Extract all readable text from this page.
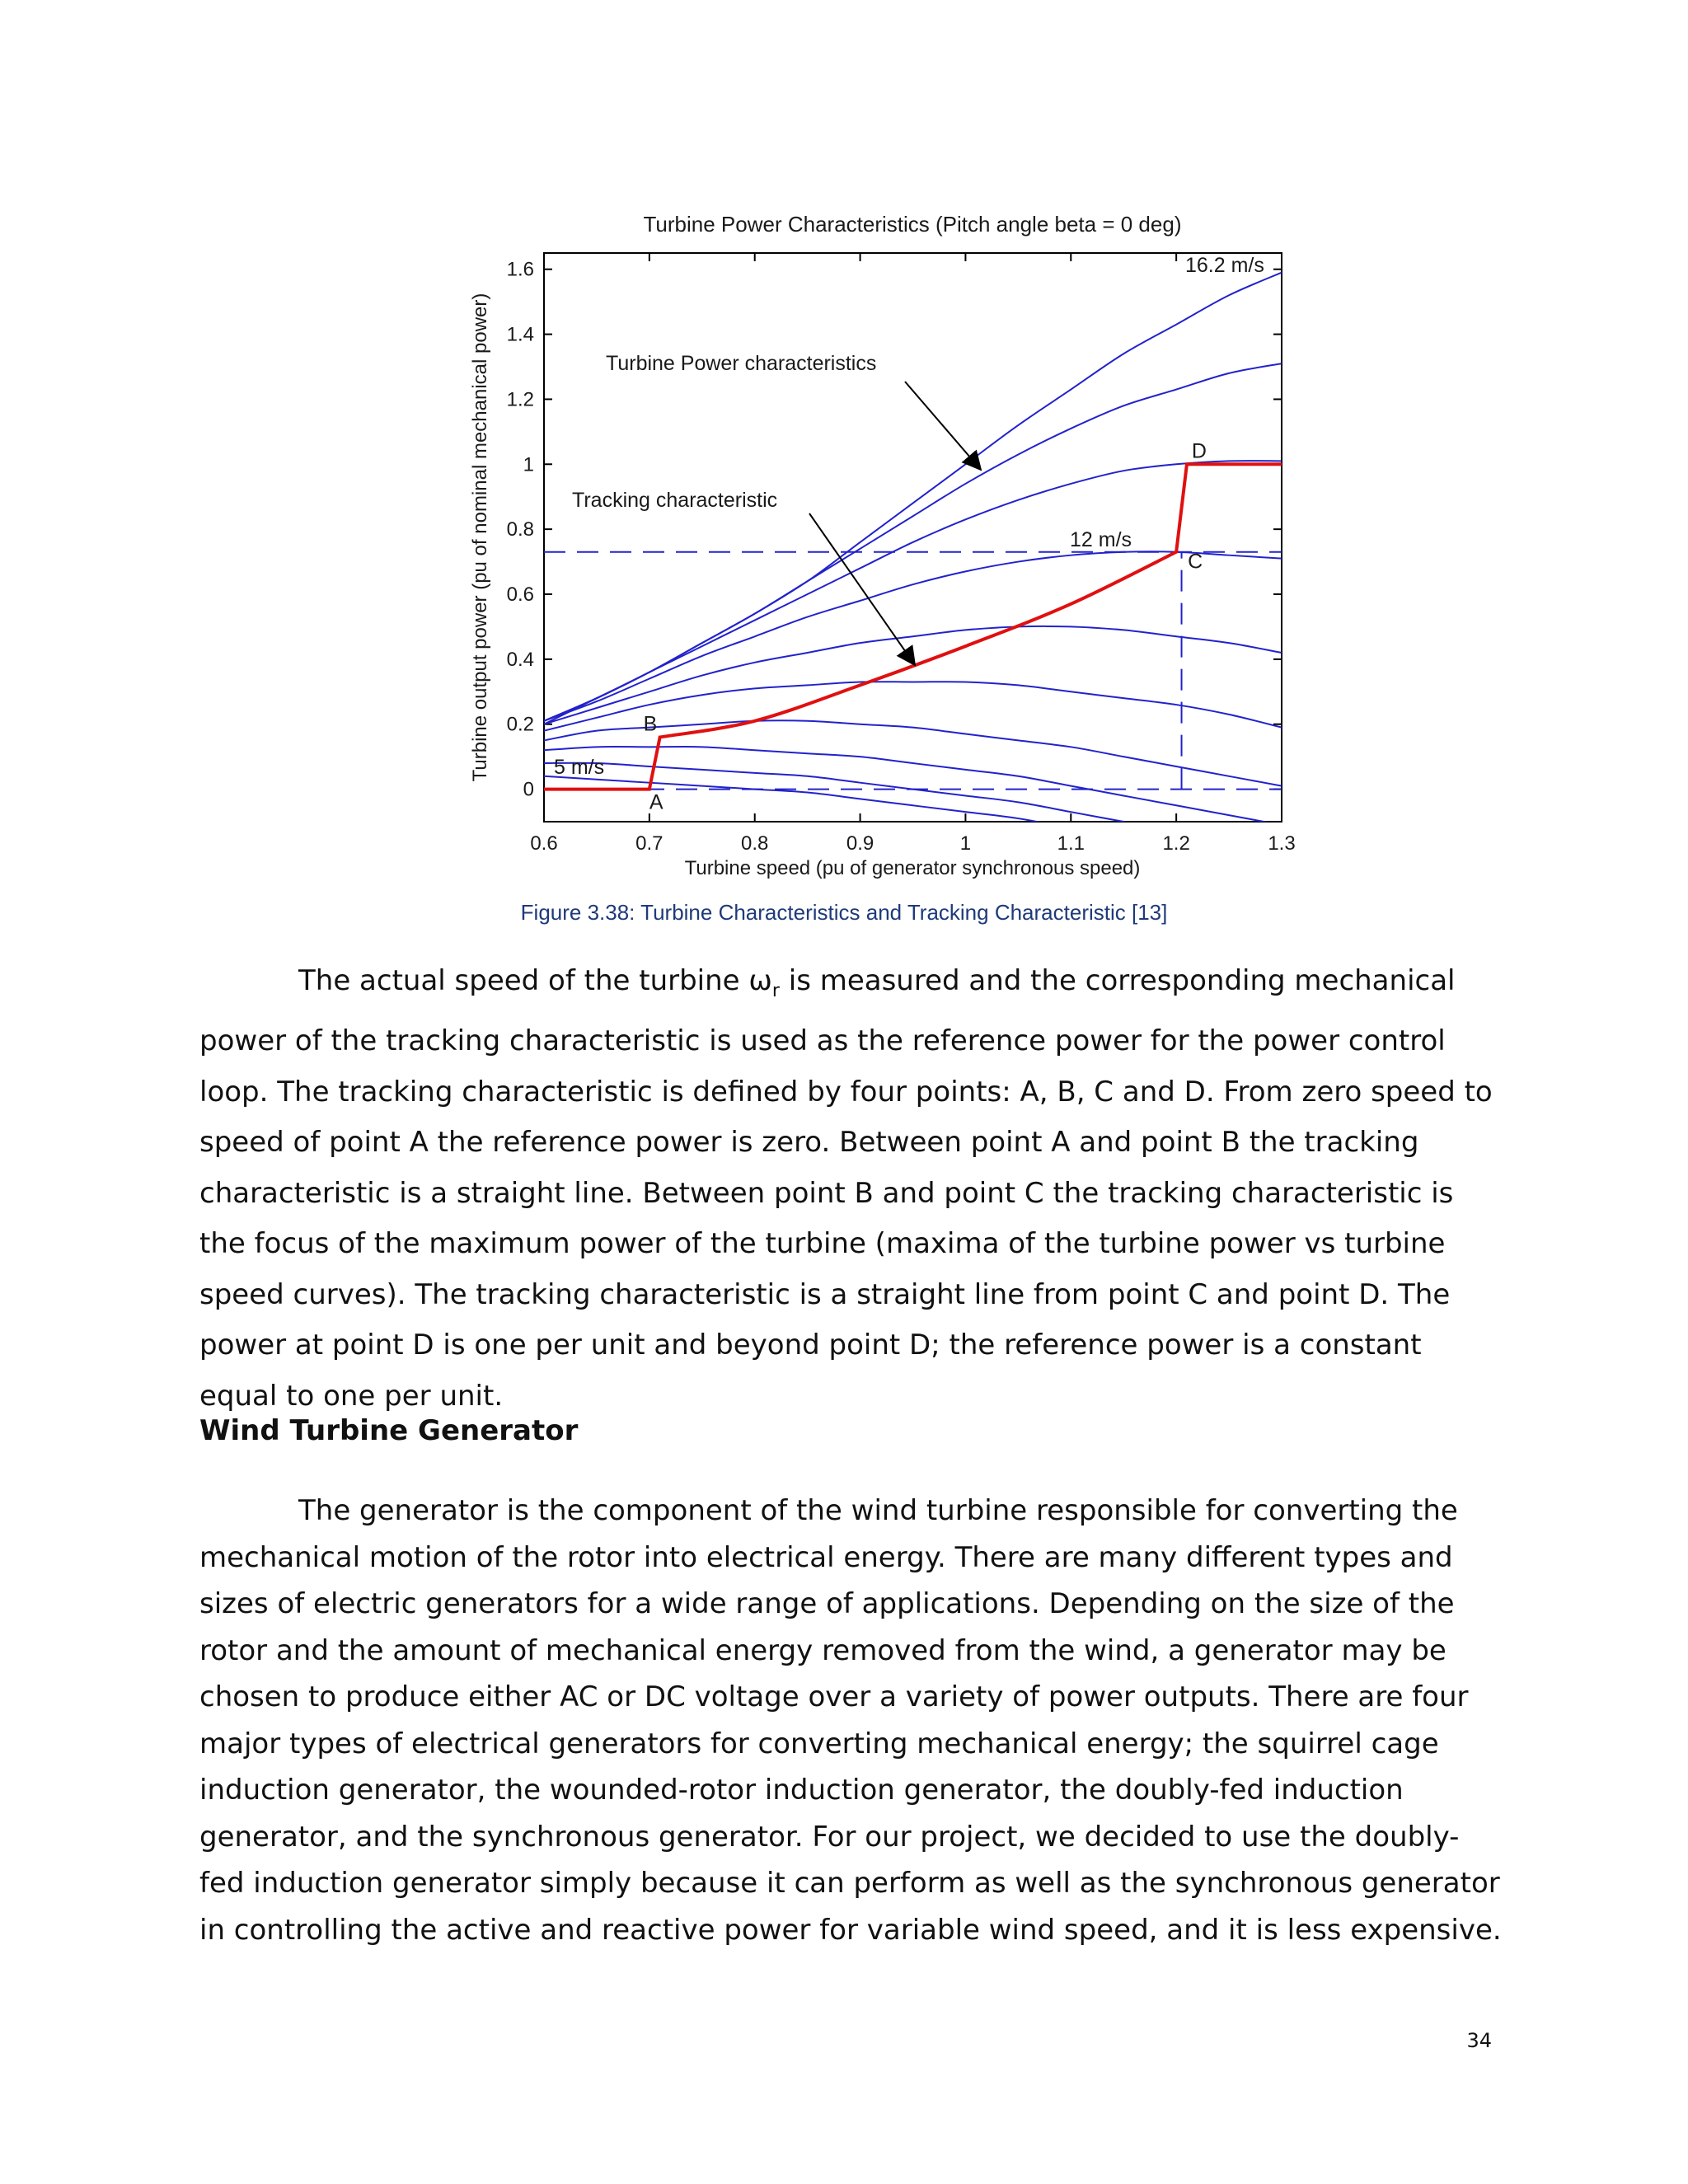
Turbine Power Characteristics (Pitch angle beta = 0 deg)
0.6	0.7	0.8	0.9	1	1.1	1.2	1.3
0
0.2
0.4
0.6
0.8
1
1.2
1.4
1.6
A
B
C
D
Turbine Power characteristics
Tracking characteristic
16.2 m/s
12 m/s
5 m/s
Turbine speed (pu of generator synchronous speed)
Turbine output power (pu of nominal mechanical power)
Figure 3.38: Turbine Characteristics and Tracking Characteristic [13]

The actual speed of the turbine $\omega_r$ is measured and the corresponding mechanical power of the tracking characteristic is used as the reference power for the power control loop. The tracking characteristic is defined by four points: A, B, C and D. From zero speed to speed of point A the reference power is zero. Between point A and point B the tracking characteristic is a straight line. Between point B and point C the tracking characteristic is the focus of the maximum power of the turbine (maxima of the turbine power vs turbine speed curves). The tracking characteristic is a straight line from point C and point D. The power at point D is one per unit and beyond point D; the reference power is a constant equal to one per unit.

Wind Turbine Generator

The generator is the component of the wind turbine responsible for converting the mechanical motion of the rotor into electrical energy. There are many different types and sizes of electric generators for a wide range of applications. Depending on the size of the rotor and the amount of mechanical energy removed from the wind, a generator may be chosen to produce either AC or DC voltage over a variety of power outputs. There are four major types of electrical generators for converting mechanical energy; the squirrel cage induction generator, the wounded-rotor induction generator, the doubly-fed induction generator, and the synchronous generator. For our project, we decided to use the doubly-fed induction generator simply because it can perform as well as the synchronous generator in controlling the active and reactive power for variable wind speed, and it is less expensive.

34
